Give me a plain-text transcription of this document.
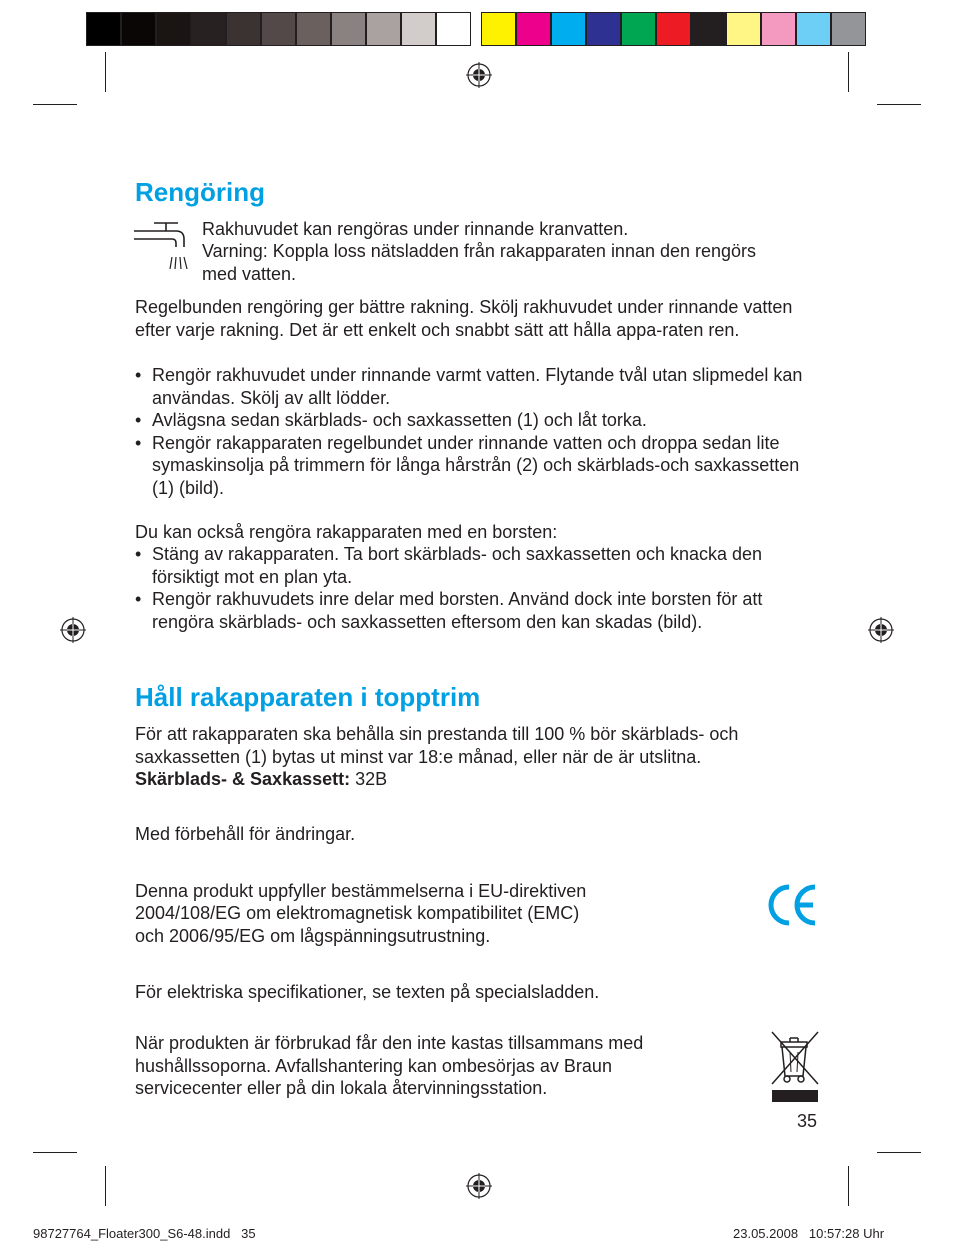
Rengöring
Rakhuvudet kan rengöras under rinnande kranvatten.
Varning: Koppla loss nätsladden från rakapparaten innan den rengörs
med vatten.
Regelbunden rengöring ger bättre rakning. Skölj rakhuvudet under rinnande vatten efter varje rakning. Det är ett enkelt och snabbt sätt att hålla appa-raten ren.
• Rengör rakhuvudet under rinnande varmt vatten. Flytande tvål utan slipmedel kan användas. Skölj av allt lödder.
• Avlägsna sedan skärblads- och saxkassetten (1) och låt torka.
• Rengör rakapparaten regelbundet under rinnande vatten och droppa sedan lite symaskinsolja på trimmern för långa hårstrån (2) och skärblads-och saxkassetten (1) (bild).
Du kan också rengöra rakapparaten med en borsten:
• Stäng av rakapparaten. Ta bort skärblads- och saxkassetten och knacka den försiktigt mot en plan yta.
• Rengör rakhuvudets inre delar med borsten. Använd dock inte borsten för att rengöra skärblads- och saxkassetten eftersom den kan skadas (bild).
Håll rakapparaten i topptrim
För att rakapparaten ska behålla sin prestanda till 100 % bör skärblads- och saxkassetten (1) bytas ut minst var 18:e månad, eller när de är utslitna.
Skärblads- & Saxkassett: 32B
Med förbehåll för ändringar.
Denna produkt uppfyller bestämmelserna i EU-direktiven
2004/108/EG om elektromagnetisk kompatibilitet (EMC)
och 2006/95/EG om lågspänningsutrustning.
För elektriska specifikationer, se texten på specialsladden.
När produkten är förbrukad får den inte kastas tillsammans med
hushållssoporna. Avfallshantering kan ombesörjas av Braun
servicecenter eller på din lokala återvinningsstation.
35
98727764_Floater300_S6-48.indd   35	23.05.2008   10:57:28 Uhr
